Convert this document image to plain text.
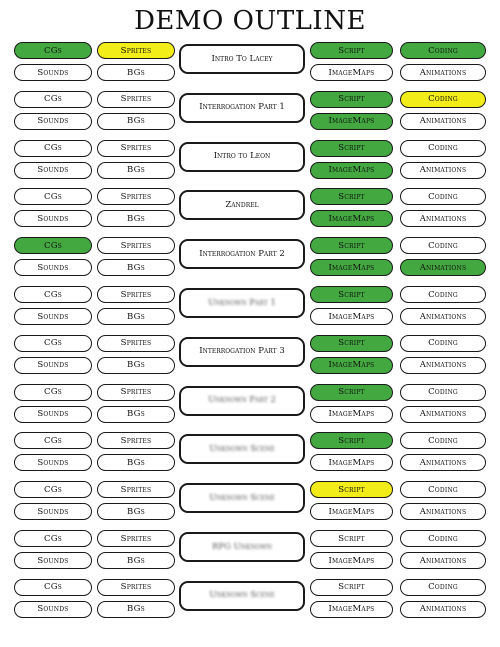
DEMO OUTLINE
CGs	Sprites	Script	Coding
Sounds	BGs	ImageMaps	Animations
Intro To Lacey
CGs	Sprites	Script	Coding
Sounds	BGs	ImageMaps	Animations
Interrogation Part 1
CGs	Sprites	Script	Coding
Sounds	BGs	ImageMaps	Animations
Intro to Leon
CGs	Sprites	Script	Coding
Sounds	BGs	ImageMaps	Animations
Zandrel
CGs	Sprites	Script	Coding
Sounds	BGs	ImageMaps	Animations
Interrogation Part 2
CGs	Sprites	Script	Coding
Sounds	BGs	ImageMaps	Animations
Unknown Part 1
CGs	Sprites	Script	Coding
Sounds	BGs	ImageMaps	Animations
Interrogation Part 3
CGs	Sprites	Script	Coding
Sounds	BGs	ImageMaps	Animations
Unknown Part 2
CGs	Sprites	Script	Coding
Sounds	BGs	ImageMaps	Animations
Unknown Scene
CGs	Sprites	Script	Coding
Sounds	BGs	ImageMaps	Animations
Unknown Scene
CGs	Sprites	Script	Coding
Sounds	BGs	ImageMaps	Animations
RPG Unknown
CGs	Sprites	Script	Coding
Sounds	BGs	ImageMaps	Animations
Unknown Scene
